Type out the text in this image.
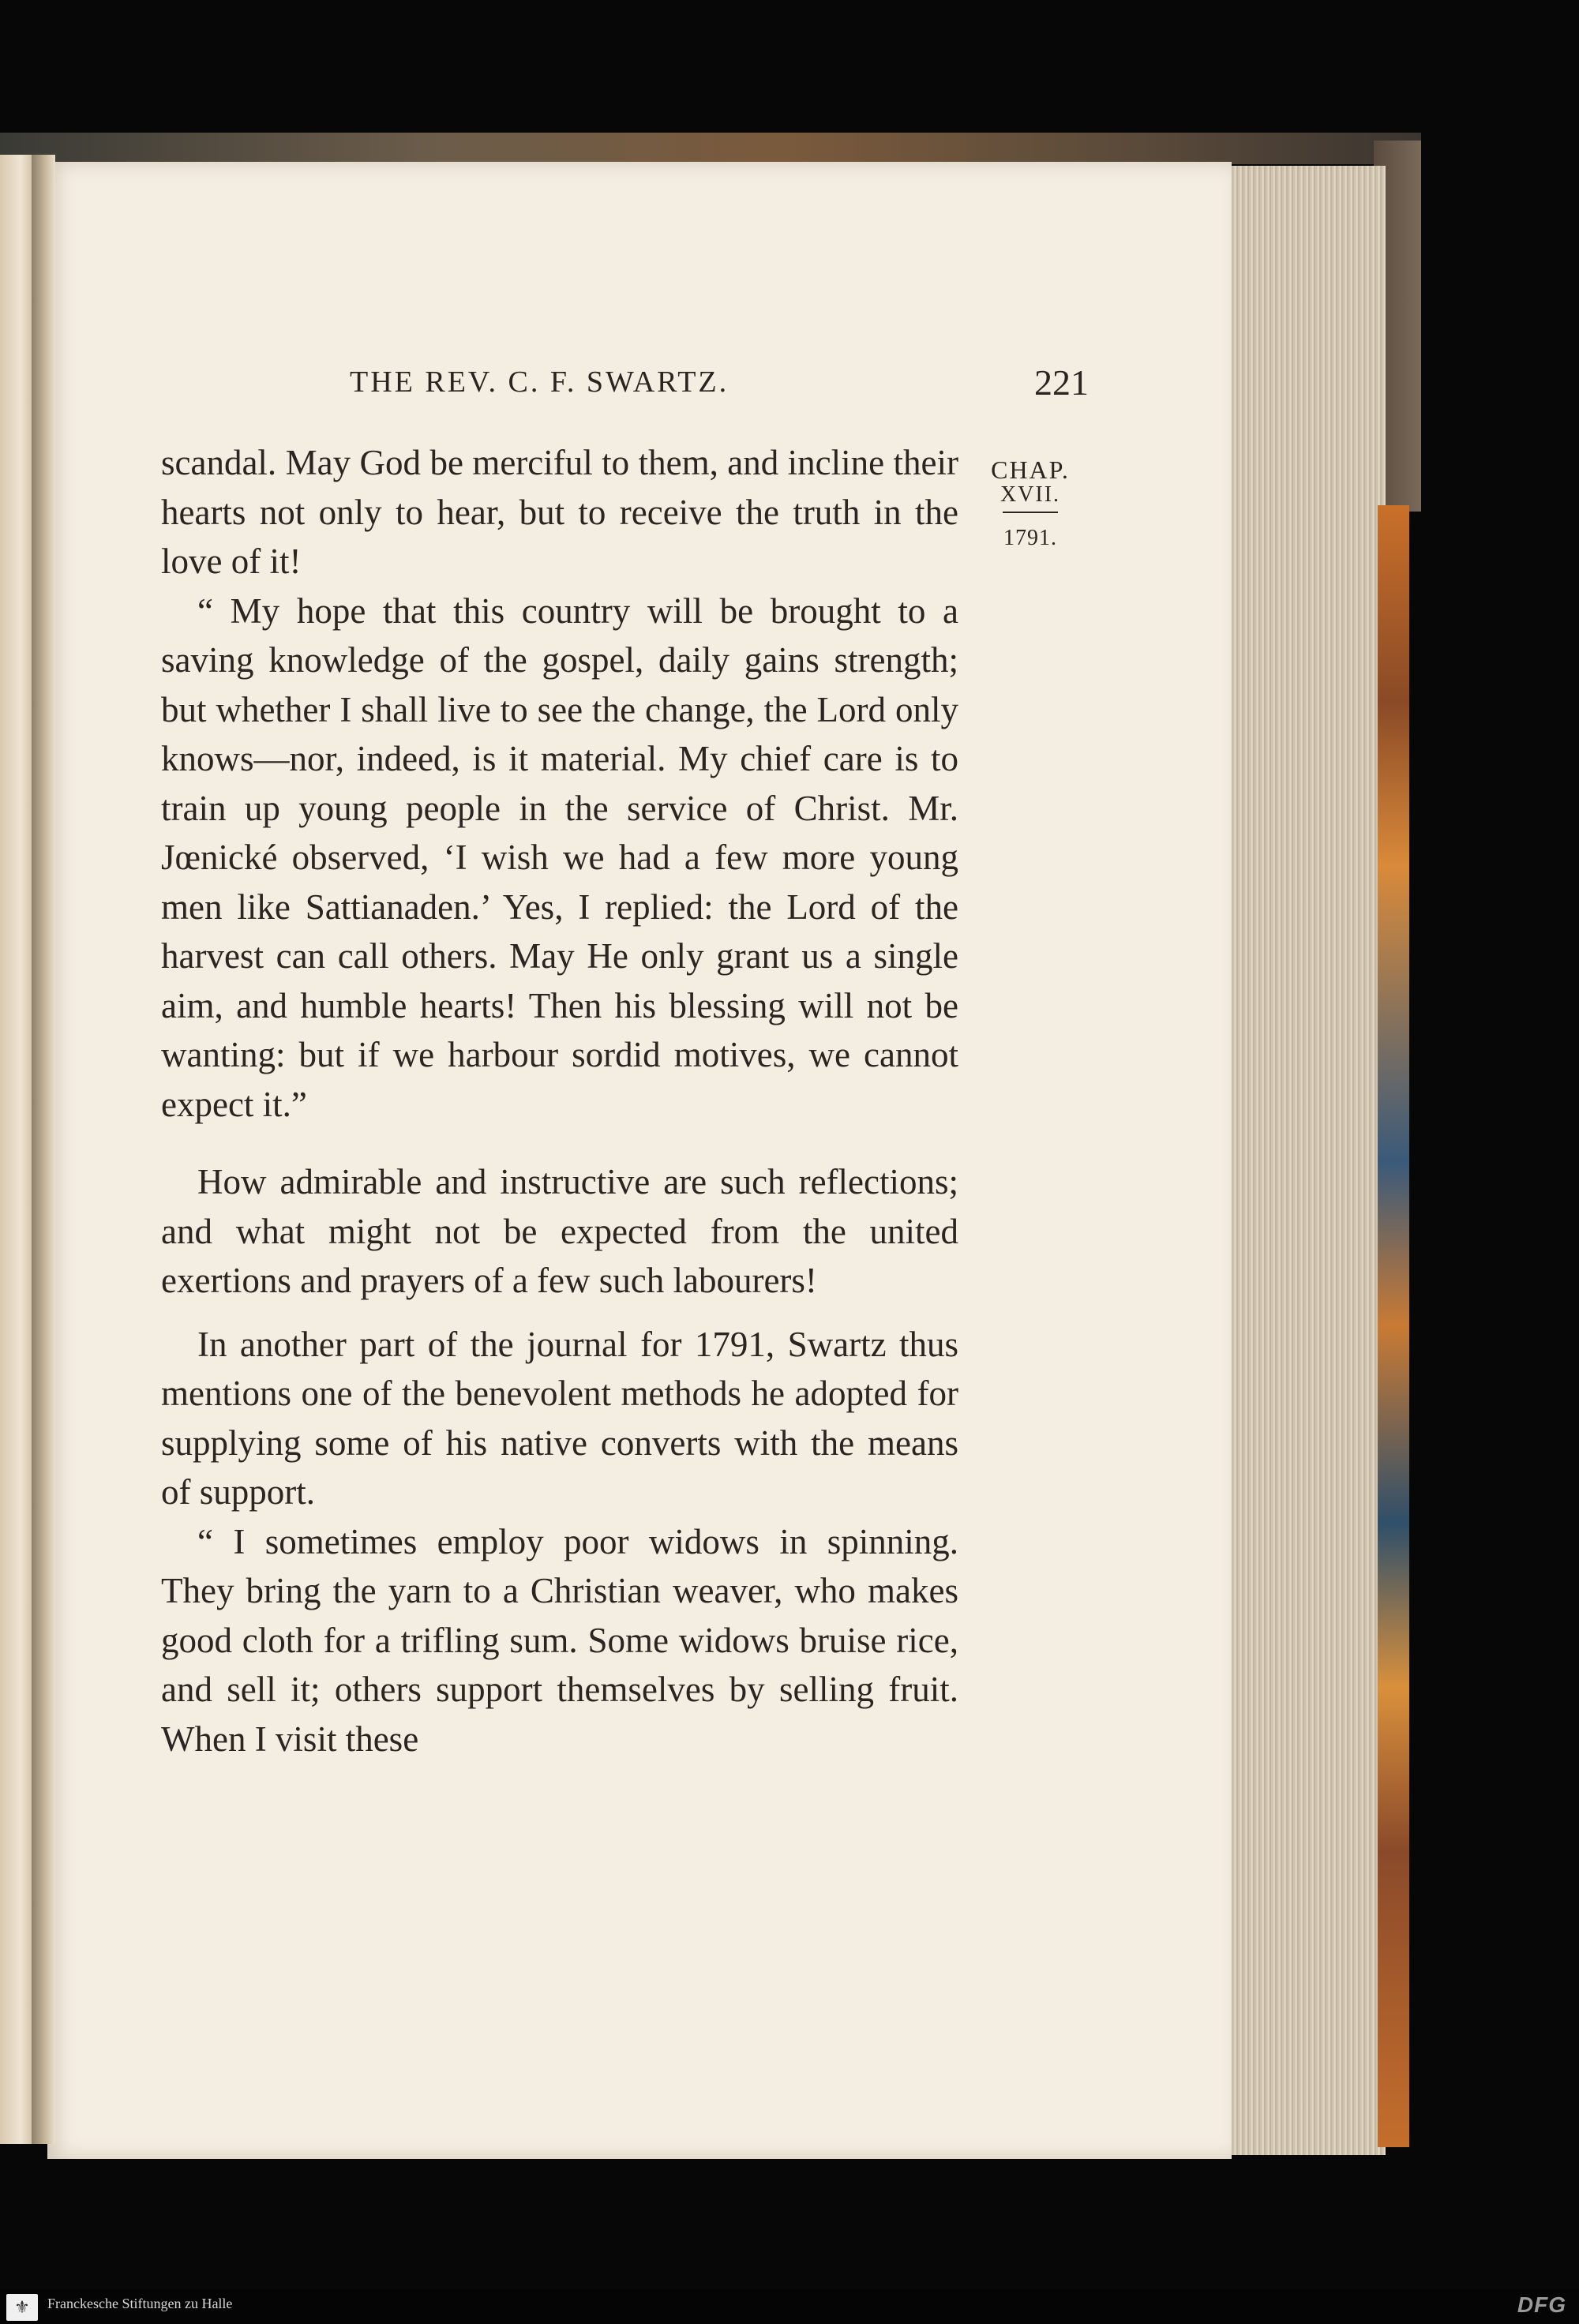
THE REV. C. F. SWARTZ.	221
CHAP.
XVII.
1791.

scandal. May God be merciful to them, and incline their hearts not only to hear, but to receive the truth in the love of it!

“ My hope that this country will be brought to a saving knowledge of the gospel, daily gains strength; but whether I shall live to see the change, the Lord only knows—nor, indeed, is it material. My chief care is to train up young people in the service of Christ. Mr. Jœnické observed, ‘I wish we had a few more young men like Sattianaden.’ Yes, I replied: the Lord of the harvest can call others. May He only grant us a single aim, and humble hearts! Then his blessing will not be wanting: but if we harbour sordid motives, we cannot expect it.”

How admirable and instructive are such reflections; and what might not be expected from the united exertions and prayers of a few such labourers!

In another part of the journal for 1791, Swartz thus mentions one of the benevolent methods he adopted for supplying some of his native converts with the means of support.

“ I sometimes employ poor widows in spinning. They bring the yarn to a Christian weaver, who makes good cloth for a trifling sum. Some widows bruise rice, and sell it; others support themselves by selling fruit. When I visit these

⚜	Franckesche Stiftungen zu Halle	DFG
